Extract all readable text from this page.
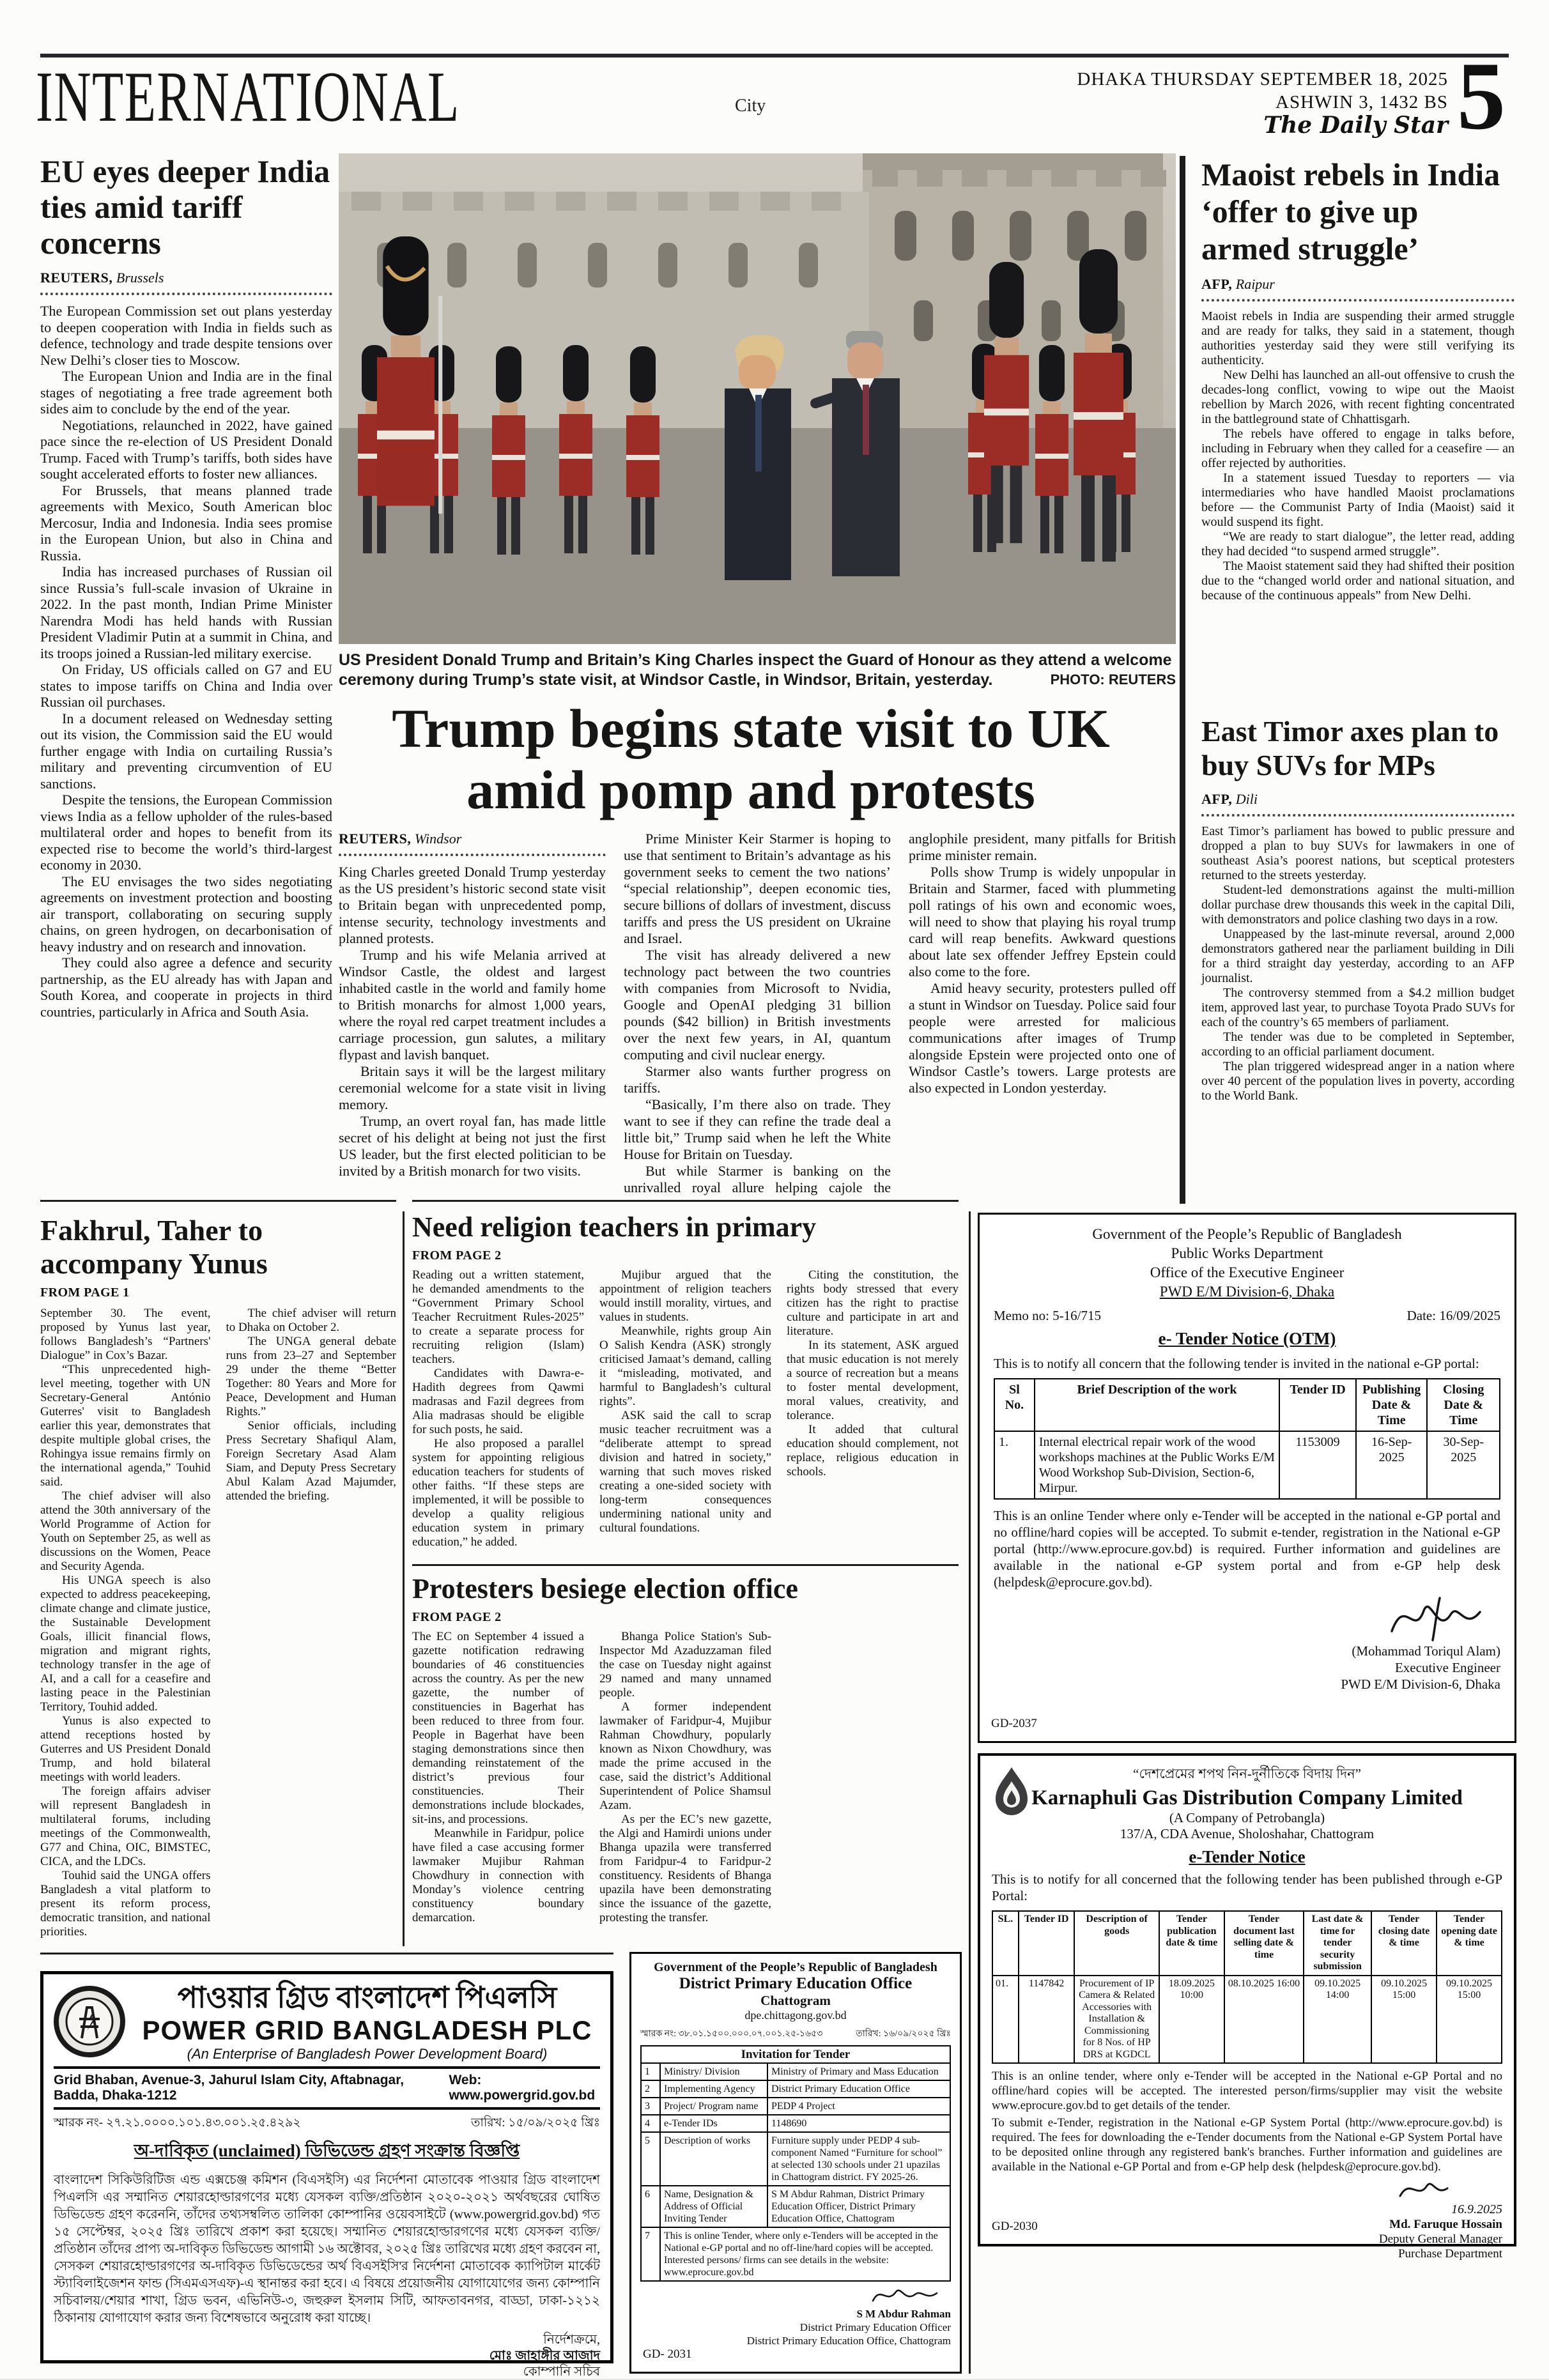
INTERNATIONAL	City
DHAKA THURSDAY SEPTEMBER 18, 2025
ASHWIN 3, 1432 BS
The Daily Star 5
EU eyes deeper India ties amid tariff concerns
REUTERS, Brussels

The European Commission set out plans yesterday to deepen cooperation with India in fields such as defence, technology and trade despite tensions over New Delhi’s closer ties to Moscow.

The European Union and India are in the final stages of negotiating a free trade agreement both sides aim to conclude by the end of the year.

Negotiations, relaunched in 2022, have gained pace since the re-election of US President Donald Trump. Faced with Trump’s tariffs, both sides have sought accelerated efforts to foster new alliances.

For Brussels, that means planned trade agreements with Mexico, South American bloc Mercosur, India and Indonesia. India sees promise in the European Union, but also in China and Russia.

India has increased purchases of Russian oil since Russia’s full-scale invasion of Ukraine in 2022. In the past month, Indian Prime Minister Narendra Modi has held hands with Russian President Vladimir Putin at a summit in China, and its troops joined a Russian-led military exercise.

On Friday, US officials called on G7 and EU states to impose tariffs on China and India over Russian oil purchases.

In a document released on Wednesday setting out its vision, the Commission said the EU would further engage with India on curtailing Russia’s military and preventing circumvention of EU sanctions.

Despite the tensions, the European Commission views India as a fellow upholder of the rules-based multilateral order and hopes to benefit from its expected rise to become the world’s third-largest economy in 2030.

The EU envisages the two sides negotiating agreements on investment protection and boosting air transport, collaborating on securing supply chains, on green hydrogen, on decarbonisation of heavy industry and on research and innovation.

They could also agree a defence and security partnership, as the EU already has with Japan and South Korea, and cooperate in projects in third countries, particularly in Africa and South Asia.

US President Donald Trump and Britain’s King Charles inspect the Guard of Honour as they attend a welcome ceremony during Trump’s state visit, at Windsor Castle, in Windsor, Britain, yesterday.	PHOTO: REUTERS
Trump begins state visit to UK amid pomp and protests
REUTERS, Windsor

King Charles greeted Donald Trump yesterday as the US president’s historic second state visit to Britain began with unprecedented pomp, intense security, technology investments and planned protests.

Trump and his wife Melania arrived at Windsor Castle, the oldest and largest inhabited castle in the world and family home to British monarchs for almost 1,000 years, where the royal red carpet treatment includes a carriage procession, gun salutes, a military flypast and lavish banquet.

Britain says it will be the largest military ceremonial welcome for a state visit in living memory.

Trump, an overt royal fan, has made little secret of his delight at being not just the first US leader, but the first elected politician to be invited by a British monarch for two visits.

Prime Minister Keir Starmer is hoping to use that sentiment to Britain’s advantage as his government seeks to cement the two nations’ “special relationship”, deepen economic ties, secure billions of dollars of investment, discuss tariffs and press the US president on Ukraine and Israel.

The visit has already delivered a new technology pact between the two countries with companies from Microsoft to Nvidia, Google and OpenAI pledging 31 billion pounds ($42 billion) in British investments over the next few years, in AI, quantum computing and civil nuclear energy.

Starmer also wants further progress on tariffs.

“Basically, I’m there also on trade. They want to see if they can refine the trade deal a little bit,” Trump said when he left the White House for Britain on Tuesday.

But while Starmer is banking on the unrivalled royal allure helping cajole the anglophile president, many pitfalls for British prime minister remain.

Polls show Trump is widely unpopular in Britain and Starmer, faced with plummeting poll ratings of his own and economic woes, will need to show that playing his royal trump card will reap benefits. Awkward questions about late sex offender Jeffrey Epstein could also come to the fore.

Amid heavy security, protesters pulled off a stunt in Windsor on Tuesday. Police said four people were arrested for malicious communications after images of Trump alongside Epstein were projected onto one of Windsor Castle’s towers. Large protests are also expected in London yesterday.

Maoist rebels in India ‘offer to give up armed struggle’
AFP, Raipur

Maoist rebels in India are suspending their armed struggle and are ready for talks, they said in a statement, though authorities yesterday said they were still verifying its authenticity.

New Delhi has launched an all-out offensive to crush the decades-long conflict, vowing to wipe out the Maoist rebellion by March 2026, with recent fighting concentrated in the battleground state of Chhattisgarh.

The rebels have offered to engage in talks before, including in February when they called for a ceasefire — an offer rejected by authorities.

In a statement issued Tuesday to reporters — via intermediaries who have handled Maoist proclamations before — the Communist Party of India (Maoist) said it would suspend its fight.

“We are ready to start dialogue”, the letter read, adding they had decided “to suspend armed struggle”.

The Maoist statement said they had shifted their position due to the “changed world order and national situation, and because of the continuous appeals” from New Delhi.

East Timor axes plan to buy SUVs for MPs
AFP, Dili

East Timor’s parliament has bowed to public pressure and dropped a plan to buy SUVs for lawmakers in one of southeast Asia’s poorest nations, but sceptical protesters returned to the streets yesterday.

Student-led demonstrations against the multi-million dollar purchase drew thousands this week in the capital Dili, with demonstrators and police clashing two days in a row.

Unappeased by the last-minute reversal, around 2,000 demonstrators gathered near the parliament building in Dili for a third straight day yesterday, according to an AFP journalist.

The controversy stemmed from a $4.2 million budget item, approved last year, to purchase Toyota Prado SUVs for each of the country’s 65 members of parliament.

The tender was due to be completed in September, according to an official parliament document.

The plan triggered widespread anger in a nation where over 40 percent of the population lives in poverty, according to the World Bank.

Fakhrul, Taher to accompany Yunus
FROM PAGE 1

September 30. The event, proposed by Yunus last year, follows Bangladesh’s “Partners' Dialogue” in Cox’s Bazar.

“This unprecedented high-level meeting, together with UN Secretary-General António Guterres' visit to Bangladesh earlier this year, demonstrates that despite multiple global crises, the Rohingya issue remains firmly on the international agenda,” Touhid said.

The chief adviser will also attend the 30th anniversary of the World Programme of Action for Youth on September 25, as well as discussions on the Women, Peace and Security Agenda.

His UNGA speech is also expected to address peacekeeping, climate change and climate justice, the Sustainable Development Goals, illicit financial flows, migration and migrant rights, technology transfer in the age of AI, and a call for a ceasefire and lasting peace in the Palestinian Territory, Touhid added.

Yunus is also expected to attend receptions hosted by Guterres and US President Donald Trump, and hold bilateral meetings with world leaders.

The foreign affairs adviser will represent Bangladesh in multilateral forums, including meetings of the Commonwealth, G77 and China, OIC, BIMSTEC, CICA, and the LDCs.

Touhid said the UNGA offers Bangladesh a vital platform to present its reform process, democratic transition, and national priorities.

The chief adviser will return to Dhaka on October 2.

The UNGA general debate runs from 23–27 and September 29 under the theme “Better Together: 80 Years and More for Peace, Development and Human Rights.”

Senior officials, including Press Secretary Shafiqul Alam, Foreign Secretary Asad Alam Siam, and Deputy Press Secretary Abul Kalam Azad Majumder, attended the briefing.

Need religion teachers in primary
FROM PAGE 2

Reading out a written statement, he demanded amendments to the “Government Primary School Teacher Recruitment Rules-2025” to create a separate process for recruiting religion (Islam) teachers.

Candidates with Dawra-e-Hadith degrees from Qawmi madrasas and Fazil degrees from Alia madrasas should be eligible for such posts, he said.

He also proposed a parallel system for appointing religious education teachers for students of other faiths. “If these steps are implemented, it will be possible to develop a quality religious education system in primary education,” he added.

Mujibur argued that the appointment of religion teachers would instill morality, virtues, and values in students.

Meanwhile, rights group Ain O Salish Kendra (ASK) strongly criticised Jamaat’s demand, calling it “misleading, motivated, and harmful to Bangladesh’s cultural rights”.

ASK said the call to scrap music teacher recruitment was a “deliberate attempt to spread division and hatred in society,” warning that such moves risked creating a one-sided society with long-term consequences undermining national unity and cultural foundations.

Citing the constitution, the rights body stressed that every citizen has the right to practise culture and participate in art and literature.

In its statement, ASK argued that music education is not merely a source of recreation but a means to foster mental development, moral values, creativity, and tolerance.

It added that cultural education should complement, not replace, religious education in schools.

Protesters besiege election office
FROM PAGE 2

The EC on September 4 issued a gazette notification redrawing boundaries of 46 constituencies across the country. As per the new gazette, the number of constituencies in Bagerhat has been reduced to three from four. People in Bagerhat have been staging demonstrations since then demanding reinstatement of the district’s previous four constituencies. Their demonstrations include blockades, sit-ins, and processions.

Meanwhile in Faridpur, police have filed a case accusing former lawmaker Mujibur Rahman Chowdhury in connection with Monday’s violence centring constituency boundary demarcation.

Bhanga Police Station's Sub-Inspector Md Azaduzzaman filed the case on Tuesday night against 29 named and many unnamed people.

A former independent lawmaker of Faridpur-4, Mujibur Rahman Chowdhury, popularly known as Nixon Chowdhury, was made the prime accused in the case, said the district’s Additional Superintendent of Police Shamsul Azam.

As per the EC’s new gazette, the Algi and Hamirdi unions under Bhanga upazila were transferred from Faridpur-4 to Faridpur-2 constituency. Residents of Bhanga upazila have been demonstrating since the issuance of the gazette, protesting the transfer.

Government of the People’s Republic of Bangladesh
Public Works Department
Office of the Executive Engineer
PWD E/M Division-6, Dhaka
Memo no: 5-16/715	Date: 16/09/2025
e- Tender Notice (OTM)
This is to notify all concern that the following tender is invited in the national e-GP portal:
Sl No.	Brief Description of the work	Tender ID	Publishing Date & Time	Closing Date & Time
1.	Internal electrical repair work of the wood workshops machines at the Public Works E/M Wood Workshop Sub-Division, Section-6, Mirpur.	1153009	16-Sep-2025	30-Sep-2025
This is an online Tender where only e-Tender will be accepted in the national e-GP portal and no offline/hard copies will be accepted. To submit e-tender, registration in the National e-GP portal (http://www.eprocure.gov.bd) is required. Further information and guidelines are available in the national e-GP system portal and from e-GP help desk (helpdesk@eprocure.gov.bd).
(Mohammad Toriqul Alam)
Executive Engineer
PWD E/M Division-6, Dhaka
GD-2037
“দেশপ্রেমের শপথ নিন-দুর্নীতিকে বিদায় দিন”
Karnaphuli Gas Distribution Company Limited
(A Company of Petrobangla)
137/A, CDA Avenue, Sholoshahar, Chattogram
e-Tender Notice
This is to notify for all concerned that the following tender has been published through e-GP Portal:
SL.	Tender ID	Description of goods	Tender publication date & time	Tender document last selling date & time	Last date & time for tender security submission	Tender closing date & time	Tender opening date & time
01.	1147842	Procurement of IP Camera & Related Accessories with Installation & Commissioning for 8 Nos. of HP DRS at KGDCL	18.09.2025 10:00	08.10.2025 16:00	09.10.2025 14:00	09.10.2025 15:00	09.10.2025 15:00
This is an online tender, where only e-Tender will be accepted in the National e-GP Portal and no offline/hard copies will be accepted. The interested person/firms/supplier may visit the website www.eprocure.gov.bd to get details of the tender.
To submit e-Tender, registration in the National e-GP System Portal (http://www.eprocure.gov.bd) is required. The fees for downloading the e-Tender documents from the National e-GP System Portal have to be deposited online through any registered bank's branches. Further information and guidelines are available in the National e-GP Portal and from e-GP help desk (helpdesk@eprocure.gov.bd).
16.9.2025
Md. Faruque Hossain
Deputy General Manager
Purchase Department
GD-2030
Government of the People’s Republic of Bangladesh
District Primary Education Office
Chattogram
dpe.chittagong.gov.bd
স্মারক নং: ৩৮.০১.১৫০০.০০০.০৭.০০১.২৫-১৬৫৩	তারিখ: ১৬/০৯/২০২৫ খ্রিঃ
Invitation for Tender		
1	Ministry/ Division	Ministry of Primary and Mass Education
2	Implementing Agency	District Primary Education Office
3	Project/ Program name	PEDP 4 Project
4	e-Tender IDs	1148690
5	Description of works	Furniture supply under PEDP 4 sub-component Named “Furniture for school” at selected 130 schools under 21 upazilas in Chattogram district. FY 2025-26.
6	Name, Designation & Address of Official Inviting Tender	S M Abdur Rahman, District Primary Education Officer, District Primary Education Office, Chattogram
7	This is online Tender, where only e-Tenders will be accepted in the National e-GP portal and no off-line/hard copies will be accepted. Interested persons/ firms can see details in the website: www.eprocure.gov.bd	
S M Abdur Rahman
District Primary Education Officer
District Primary Education Office, Chattogram
GD- 2031
পাওয়ার গ্রিড বাংলাদেশ পিএলসি
POWER GRID BANGLADESH PLC
(An Enterprise of Bangladesh Power Development Board)
Grid Bhaban, Avenue-3, Jahurul Islam City, Aftabnagar, Badda, Dhaka-1212
Web: www.powergrid.gov.bd
স্মারক নং- ২৭.২১.০০০০.১০১.৪৩.০০১.২৫.৪২৯২	তারিখ: ১৫/০৯/২০২৫ খ্রিঃ
অ-দাবিকৃত (unclaimed) ডিভিডেন্ড গ্রহণ সংক্রান্ত বিজ্ঞপ্তি
বাংলাদেশ সিকিউরিটিজ এন্ড এক্সচেঞ্জ কমিশন (বিএসইসি) এর নির্দেশনা মোতাবেক পাওয়ার গ্রিড বাংলাদেশ পিএলসি এর সম্মানিত শেয়ারহোল্ডারগণের মধ্যে যেসকল ব্যক্তি/প্রতিষ্ঠান ২০২০-২০২১ অর্থবছরের ঘোষিত ডিভিডেন্ড গ্রহণ করেননি, তাঁদের তথ্যসম্বলিত তালিকা কোম্পানির ওয়েবসাইটে (www.powergrid.gov.bd) গত ১৫ সেপ্টেম্বর, ২০২৫ খ্রিঃ তারিখে প্রকাশ করা হয়েছে। সম্মানিত শেয়ারহোল্ডারগণের মধ্যে যেসকল ব্যক্তি/প্রতিষ্ঠান তাঁদের প্রাপ্য অ-দাবিকৃত ডিভিডেন্ড আগামী ১৬ অক্টোবর, ২০২৫ খ্রিঃ তারিখের মধ্যে গ্রহণ করবেন না, সেসকল শেয়ারহোল্ডারগণের অ-দাবিকৃত ডিভিডেন্ডের অর্থ বিএসইসি'র নির্দেশনা মোতাবেক ক্যাপিটাল মার্কেট স্ট্যাবিলাইজেশন ফান্ড (সিএমএসএফ)-এ স্থানান্তর করা হবে। এ বিষয়ে প্রয়োজনীয় যোগাযোগের জন্য কোম্পানি সচিবালয়/শেয়ার শাখা, গ্রিড ভবন, এভিনিউ-৩, জহুরুল ইসলাম সিটি, আফতাবনগর, বাড্ডা, ঢাকা-১২১২ ঠিকানায় যোগাযোগ করার জন্য বিশেষভাবে অনুরোধ করা যাচ্ছে।
নির্দেশক্রমে,
মোঃ জাহাঙ্গীর আজাদ
কোম্পানি সচিব
